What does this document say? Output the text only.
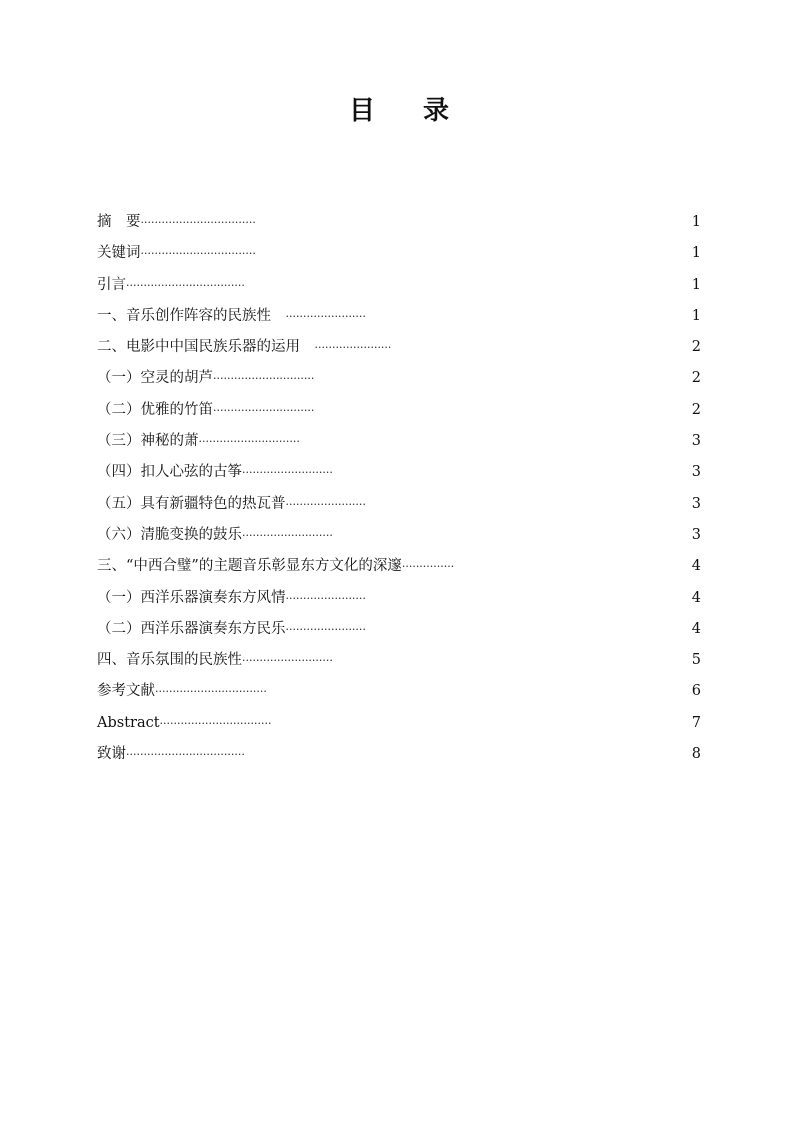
目 录
摘　要·································	1
关键词·································	1
引言··································	1
一、音乐创作阵容的民族性　·······················	1
二、电影中中国民族乐器的运用　······················	2
（一）空灵的胡芦·····························	2
（二）优雅的竹笛·····························	2
（三）神秘的萧·····························	3
（四）扣人心弦的古筝··························	3
（五）具有新疆特色的热瓦普·······················	3
（六）清脆变换的鼓乐··························	3
三、“中西合璧”的主题音乐彰显东方文化的深邃···············	4
（一）西洋乐器演奏东方风情·······················	4
（二）西洋乐器演奏东方民乐·······················	4
四、音乐氛围的民族性··························	5
参考文献································	6
Abstract································	7
致谢··································	8
